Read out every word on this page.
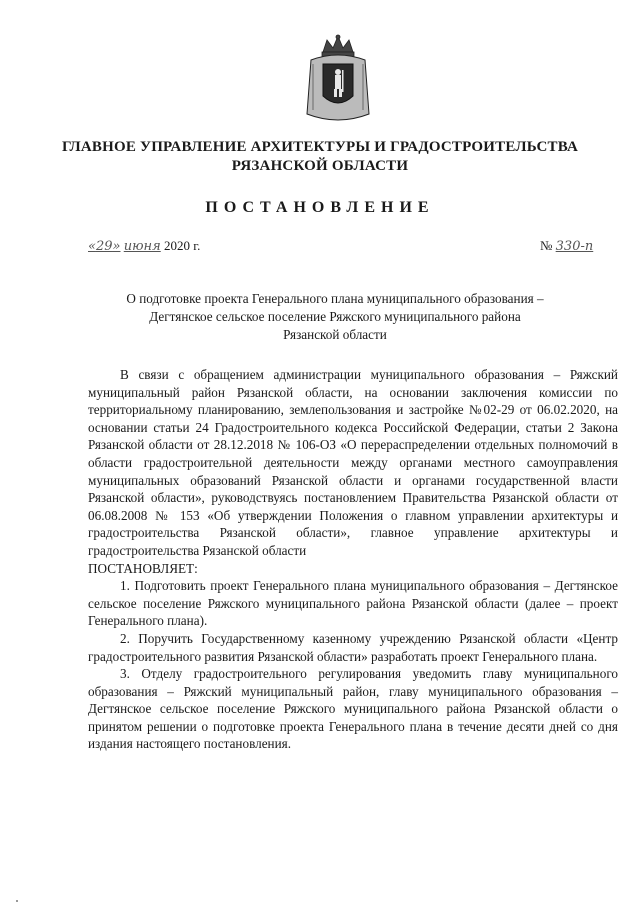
ГЛАВНОЕ УПРАВЛЕНИЕ АРХИТЕКТУРЫ И ГРАДОСТРОИТЕЛЬСТВА
РЯЗАНСКОЙ ОБЛАСТИ
ПОСТАНОВЛЕНИЕ
«29» июня 2020 г.	№ 330-п
О подготовке проекта Генерального плана муниципального образования –
Дегтянское сельское поселение Ряжского муниципального района
Рязанской области

В связи с обращением администрации муниципального образования – Ряжский муниципальный район Рязанской области, на основании заключения комиссии по территориальному планированию, землепользования и застройке №02-29 от 06.02.2020, на основании статьи 24 Градостроительного кодекса Российской Федерации, статьи 2 Закона Рязанской области от 28.12.2018 № 106-ОЗ «О перераспределении отдельных полномочий в области градостроительной деятельности между органами местного самоуправления муниципальных образований Рязанской области и органами государственной власти Рязанской области», руководствуясь постановлением Правительства Рязанской области от 06.08.2008 № 153 «Об утверждении Положения о главном управлении архитектуры и градостроительства Рязанской области», главное управление архитектуры и градостроительства Рязанской области

ПОСТАНОВЛЯЕТ:

1. Подготовить проект Генерального плана муниципального образования – Дегтянское сельское поселение Ряжского муниципального района Рязанской области (далее – проект Генерального плана).

2. Поручить Государственному казенному учреждению Рязанской области «Центр градостроительного развития Рязанской области» разработать проект Генерального плана.

3. Отделу градостроительного регулирования уведомить главу муниципального образования – Ряжский муниципальный район, главу муниципального образования – Дегтянское сельское поселение Ряжского муниципального района Рязанской области о принятом решении о подготовке проекта Генерального плана в течение десяти дней со дня издания настоящего постановления.
